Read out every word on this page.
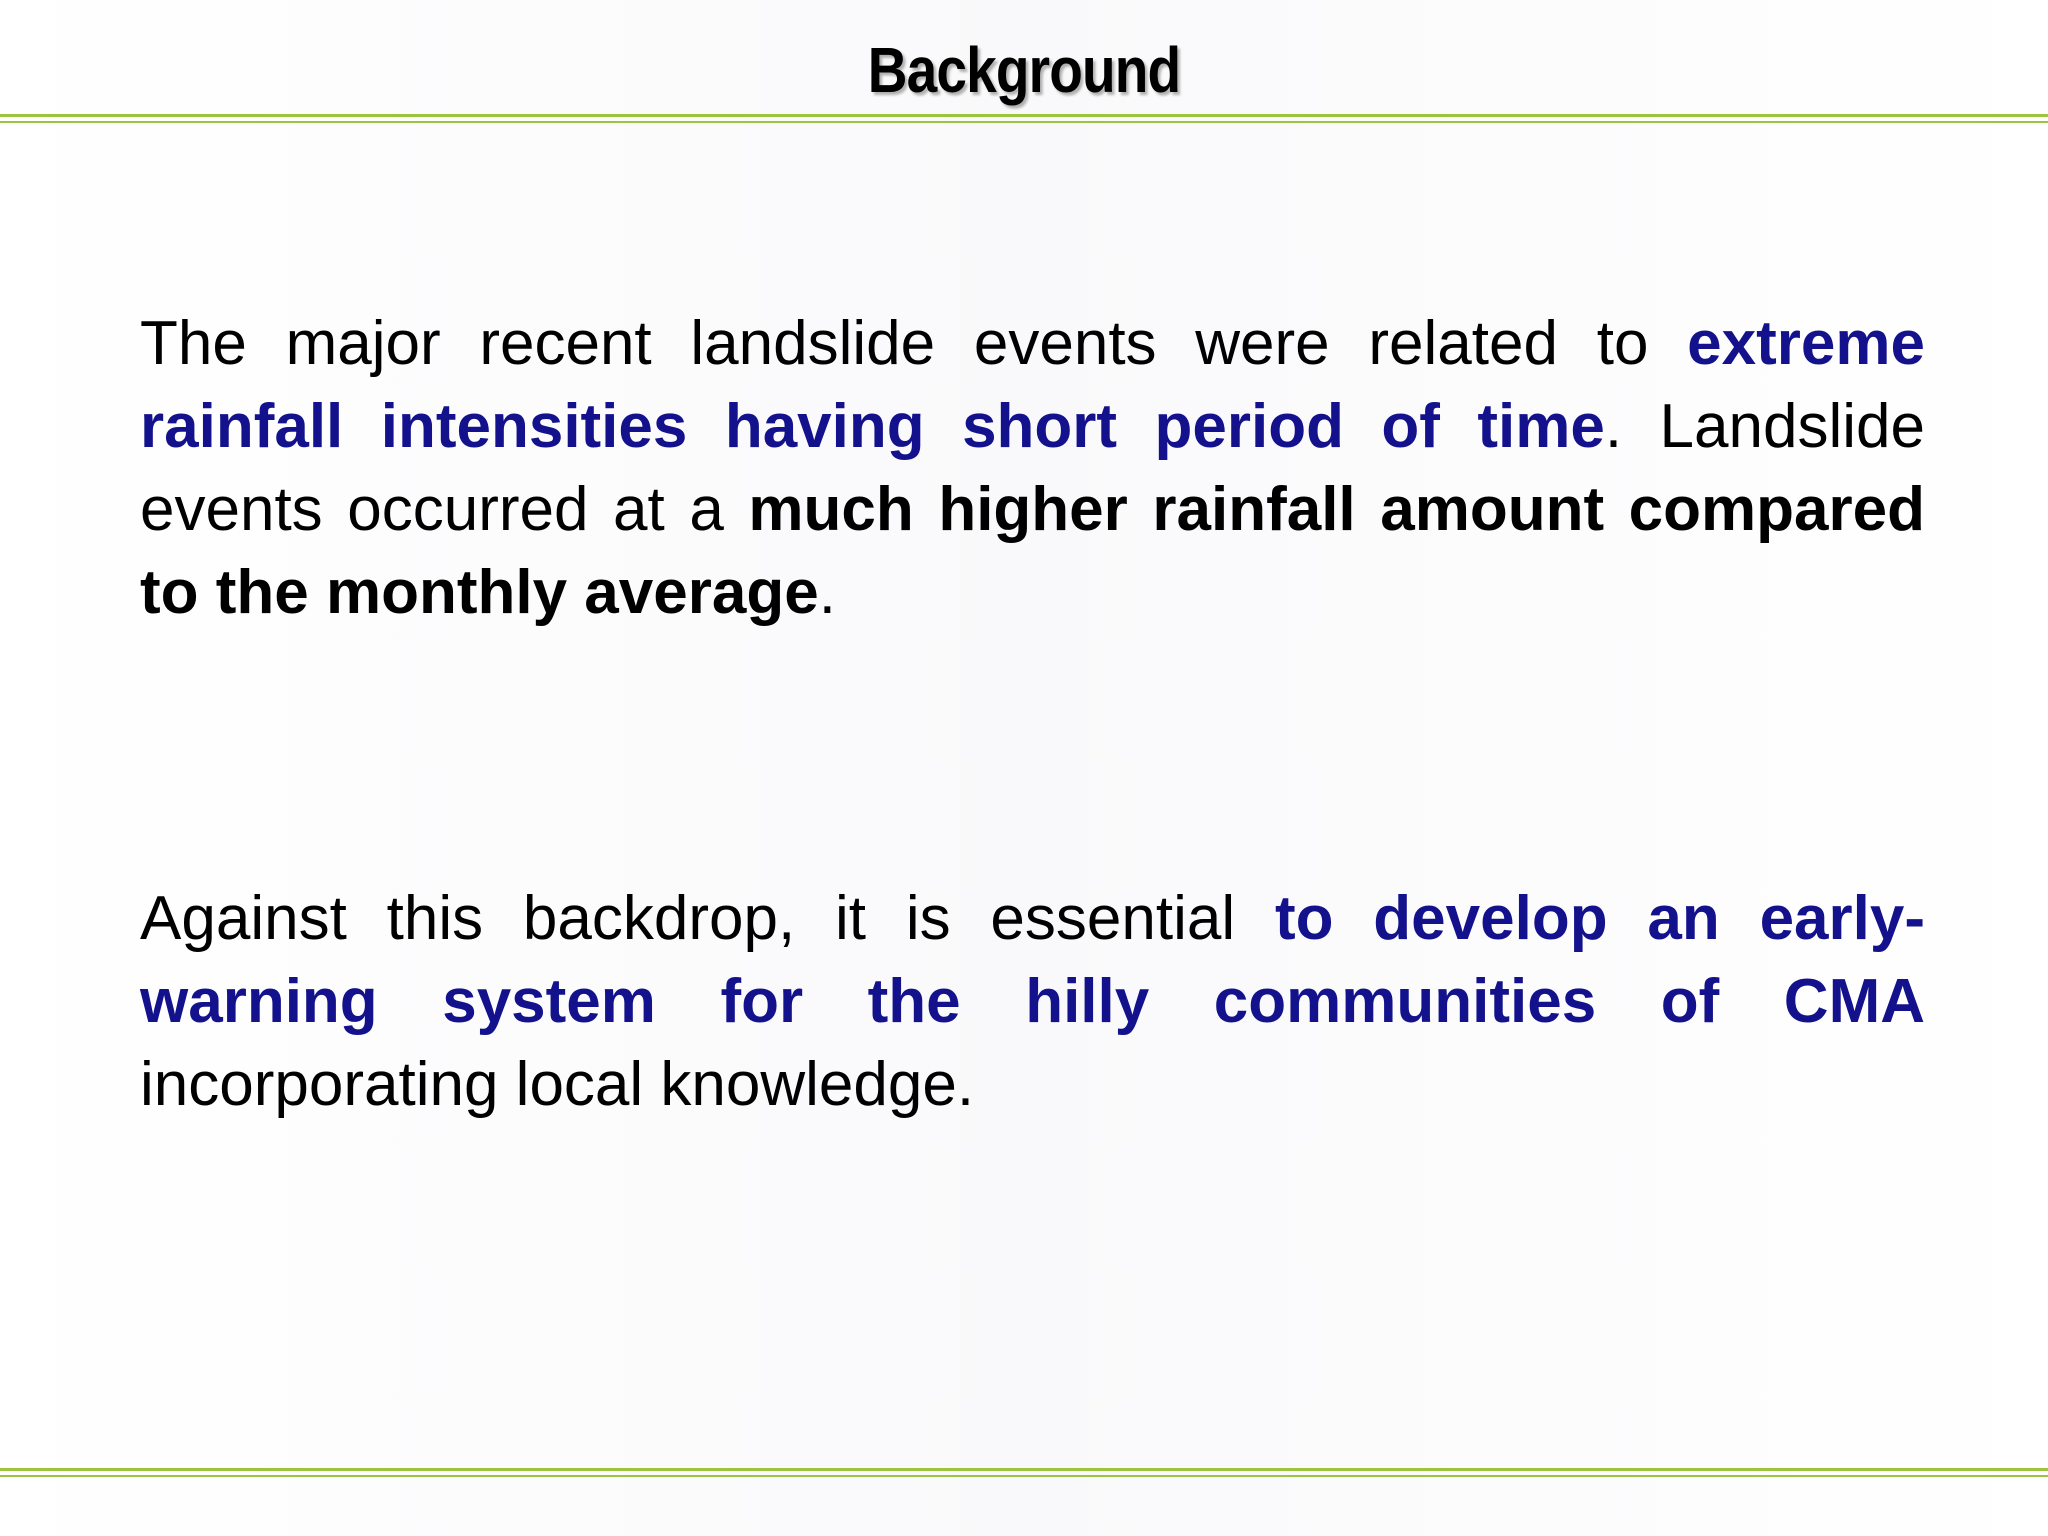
Background

The major recent landslide events were related to extreme rainfall intensities having short period of time. Landslide events occurred at a much higher rainfall amount compared to the monthly average.

Against this backdrop, it is essential to develop an early-warning system for the hilly communities of CMA incorporating local knowledge.
